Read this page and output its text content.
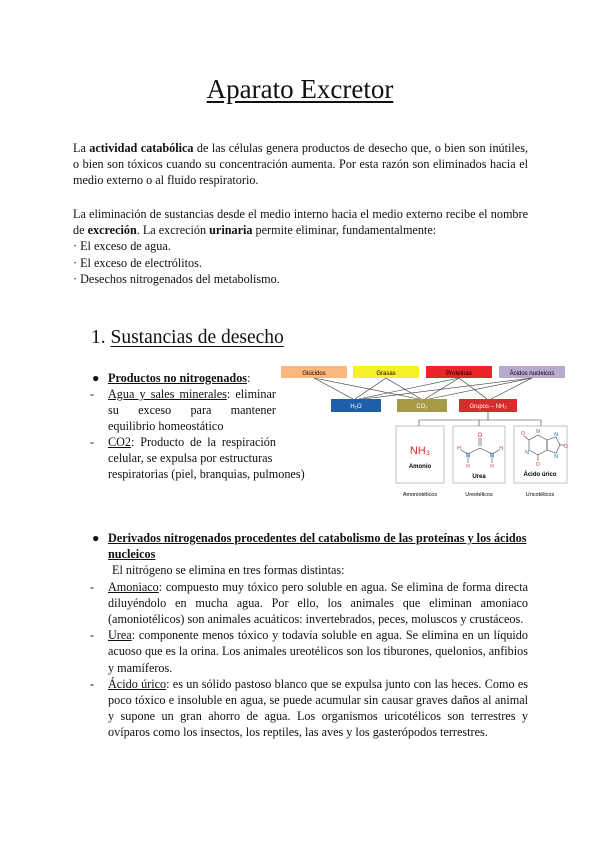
Aparato Excretor

La actividad catabólica de las células genera productos de desecho que, o bien son inútiles, o bien son tóxicos cuando su concentración aumenta. Por esta razón son eliminados hacia el medio externo o al fluido respiratorio.

La eliminación de sustancias desde el medio interno hacia el medio externo recibe el nombre de excreción. La excreción urinaria permite eliminar, fundamentalmente:
· El exceso de agua.
· El exceso de electrólitos.
· Desechos nitrogenados del metabolismo.

1. Sustancias de desecho
● Productos no nitrogenados:
-	Agua y sales minerales: eliminar su exceso para mantener equilibrio homeostático
-	CO2: Producto de la respiración celular, se expulsa por estructuras
respiratorias (piel, branquias, pulmones)
Glúcidos	Grasas	Proteínas	Ácidos nucleicos
H₂O	CO₂	Grupos – NH₂
NH₃
Amonio
O
N	N
H	H
H	H
Urea
O
O
O
N
N
N
N
Ácido úrico
Amoniotélicos	Ureotélicos	Uricotélicos
● Derivados nitrogenados procedentes del catabolismo de las proteínas y los ácidos nucleicos
El nitrógeno se elimina en tres formas distintas:
-	Amoniaco: compuesto muy tóxico pero soluble en agua. Se elimina de forma directa diluyéndolo en mucha agua. Por ello, los animales que eliminan amoniaco (amoniotélicos) son animales acuáticos: invertebrados, peces, moluscos y crustáceos.
-	Urea: componente menos tóxico y todavía soluble en agua. Se elimina en un líquido acuoso que es la orina. Los animales ureotélicos son los tiburones, quelonios, anfibios y mamíferos.
-	Ácido úrico: es un sólido pastoso blanco que se expulsa junto con las heces. Como es poco tóxico e insoluble en agua, se puede acumular sin causar graves daños al animal y supone un gran ahorro de agua. Los organismos uricotélicos son terrestres y ovíparos como los insectos, los reptiles, las aves y los gasterópodos terrestres.
